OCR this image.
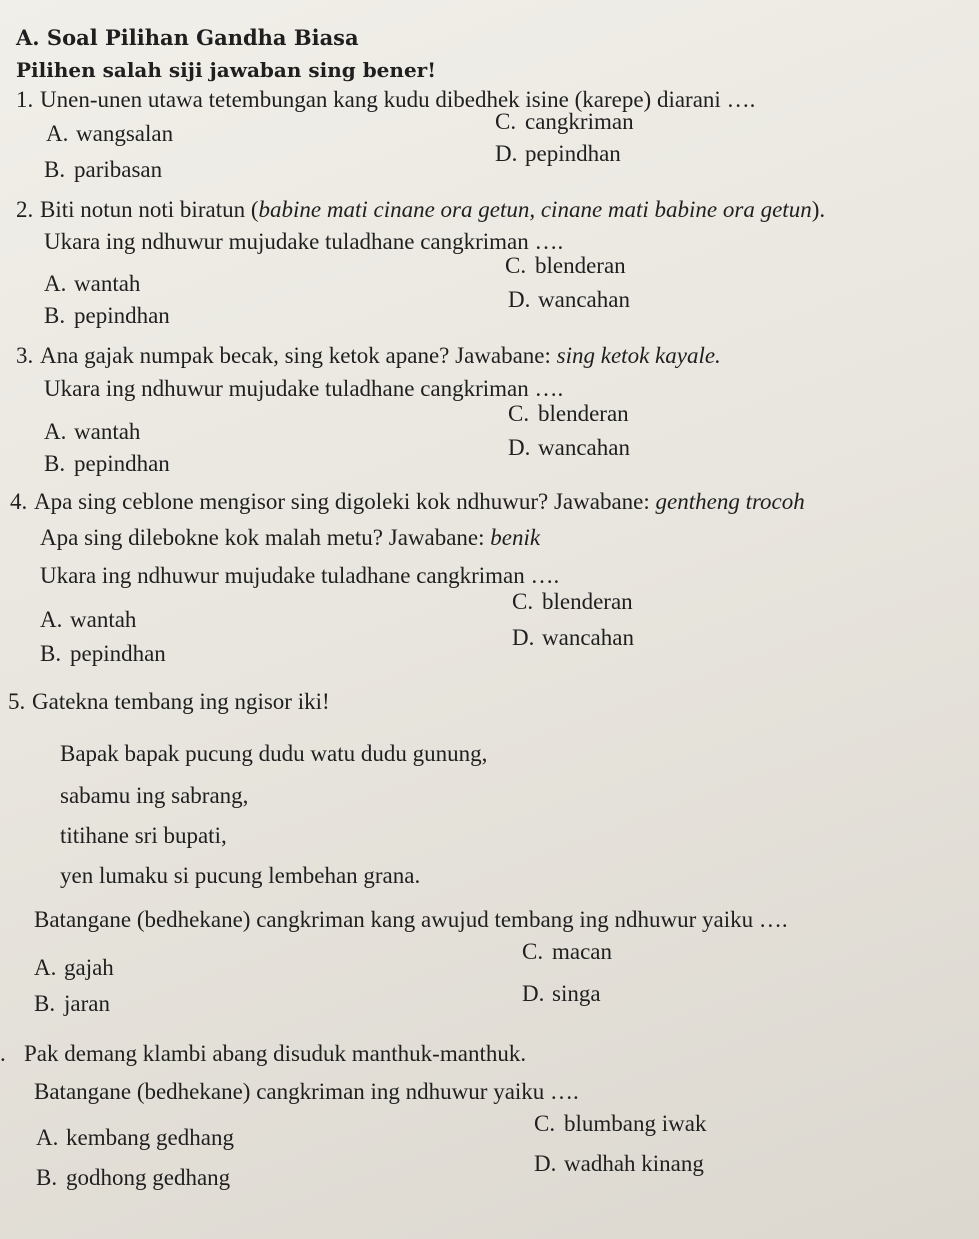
A. Soal Pilihan Gandha Biasa
Pilihen salah siji jawaban sing bener!
1. Unen-unen utawa tetembungan kang kudu dibedhek isine (karepe) diarani ….
A. wangsalan
B. paribasan
C. cangkriman
D. pepindhan
2. Biti notun noti biratun (babine mati cinane ora getun, cinane mati babine ora getun).
Ukara ing ndhuwur mujudake tuladhane cangkriman ….
A. wantah
B. pepindhan
C. blenderan
D. wancahan
3. Ana gajak numpak becak, sing ketok apane? Jawabane: sing ketok kayale.
Ukara ing ndhuwur mujudake tuladhane cangkriman ….
A. wantah
B. pepindhan
C. blenderan
D. wancahan
4. Apa sing ceblone mengisor sing digoleki kok ndhuwur? Jawabane: gentheng trocoh
Apa sing dilebokne kok malah metu? Jawabane: benik
Ukara ing ndhuwur mujudake tuladhane cangkriman ….
A. wantah
B. pepindhan
C. blenderan
D. wancahan
5. Gatekna tembang ing ngisor iki!
Bapak bapak pucung dudu watu dudu gunung,
sabamu ing sabrang,
titihane sri bupati,
yen lumaku si pucung lembehan grana.
Batangane (bedhekane) cangkriman kang awujud tembang ing ndhuwur yaiku ….
A. gajah
B. jaran
C. macan
D. singa
. Pak demang klambi abang disuduk manthuk-manthuk.
Batangane (bedhekane) cangkriman ing ndhuwur yaiku ….
A. kembang gedhang
B. godhong gedhang
C. blumbang iwak
D. wadhah kinang
